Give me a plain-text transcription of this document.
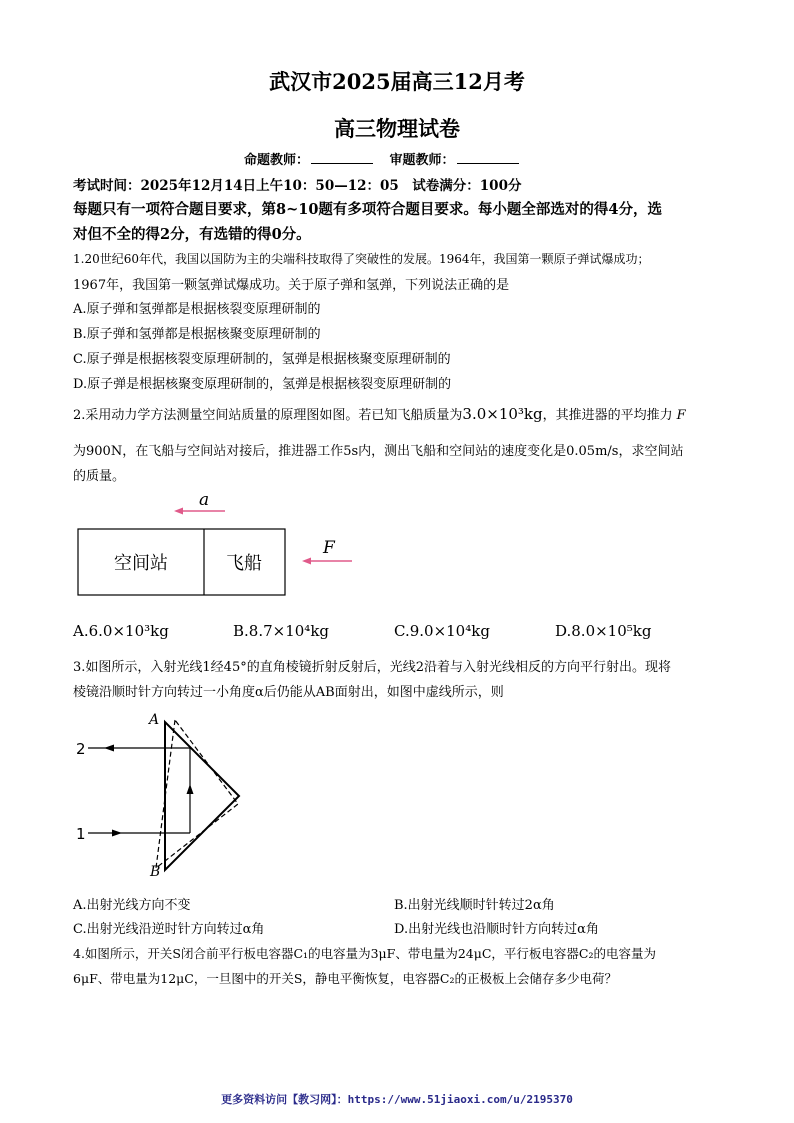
武汉市2025届高三12月考
高三物理试卷
命题教师：	审题教师：
考试时间：2025年12月14日上午10：50—12：05　试卷满分：100分
每题只有一项符合题目要求，第8~10题有多项符合题目要求。每小题全部选对的得4分，选
对但不全的得2分，有选错的得0分。
1.20世纪60年代，我国以国防为主的尖端科技取得了突破性的发展。1964年，我国第一颗原子弹试爆成功；
1967年，我国第一颗氢弹试爆成功。关于原子弹和氢弹，下列说法正确的是
A.原子弹和氢弹都是根据核裂变原理研制的
B.原子弹和氢弹都是根据核聚变原理研制的
C.原子弹是根据核裂变原理研制的，氢弹是根据核聚变原理研制的
D.原子弹是根据核聚变原理研制的，氢弹是根据核裂变原理研制的
2.采用动力学方法测量空间站质量的原理图如图。若已知飞船质量为3.0×10³kg，其推进器的平均推力 F
为900N，在飞船与空间站对接后，推进器工作5s内，测出飞船和空间站的速度变化是0.05m/s，求空间站
的质量。
a
空间站	飞船
F
A.6.0×10³kg	B.8.7×10⁴kg	C.9.0×10⁴kg	D.8.0×10⁵kg
3.如图所示，入射光线1经45°的直角棱镜折射反射后，光线2沿着与入射光线相反的方向平行射出。现将
棱镜沿顺时针方向转过一小角度α后仍能从AB面射出，如图中虚线所示，则
A
B
2
1
A.出射光线方向不变	B.出射光线顺时针转过2α角
C.出射光线沿逆时针方向转过α角	D.出射光线也沿顺时针方向转过α角
4.如图所示，开关S闭合前平行板电容器C₁的电容量为3μF、带电量为24μC，平行板电容器C₂的电容量为
6μF、带电量为12μC，一旦图中的开关S，静电平衡恢复，电容器C₂的正极板上会储存多少电荷？
更多资料访问【教习网】：https://www.51jiaoxi.com/u/2195370
